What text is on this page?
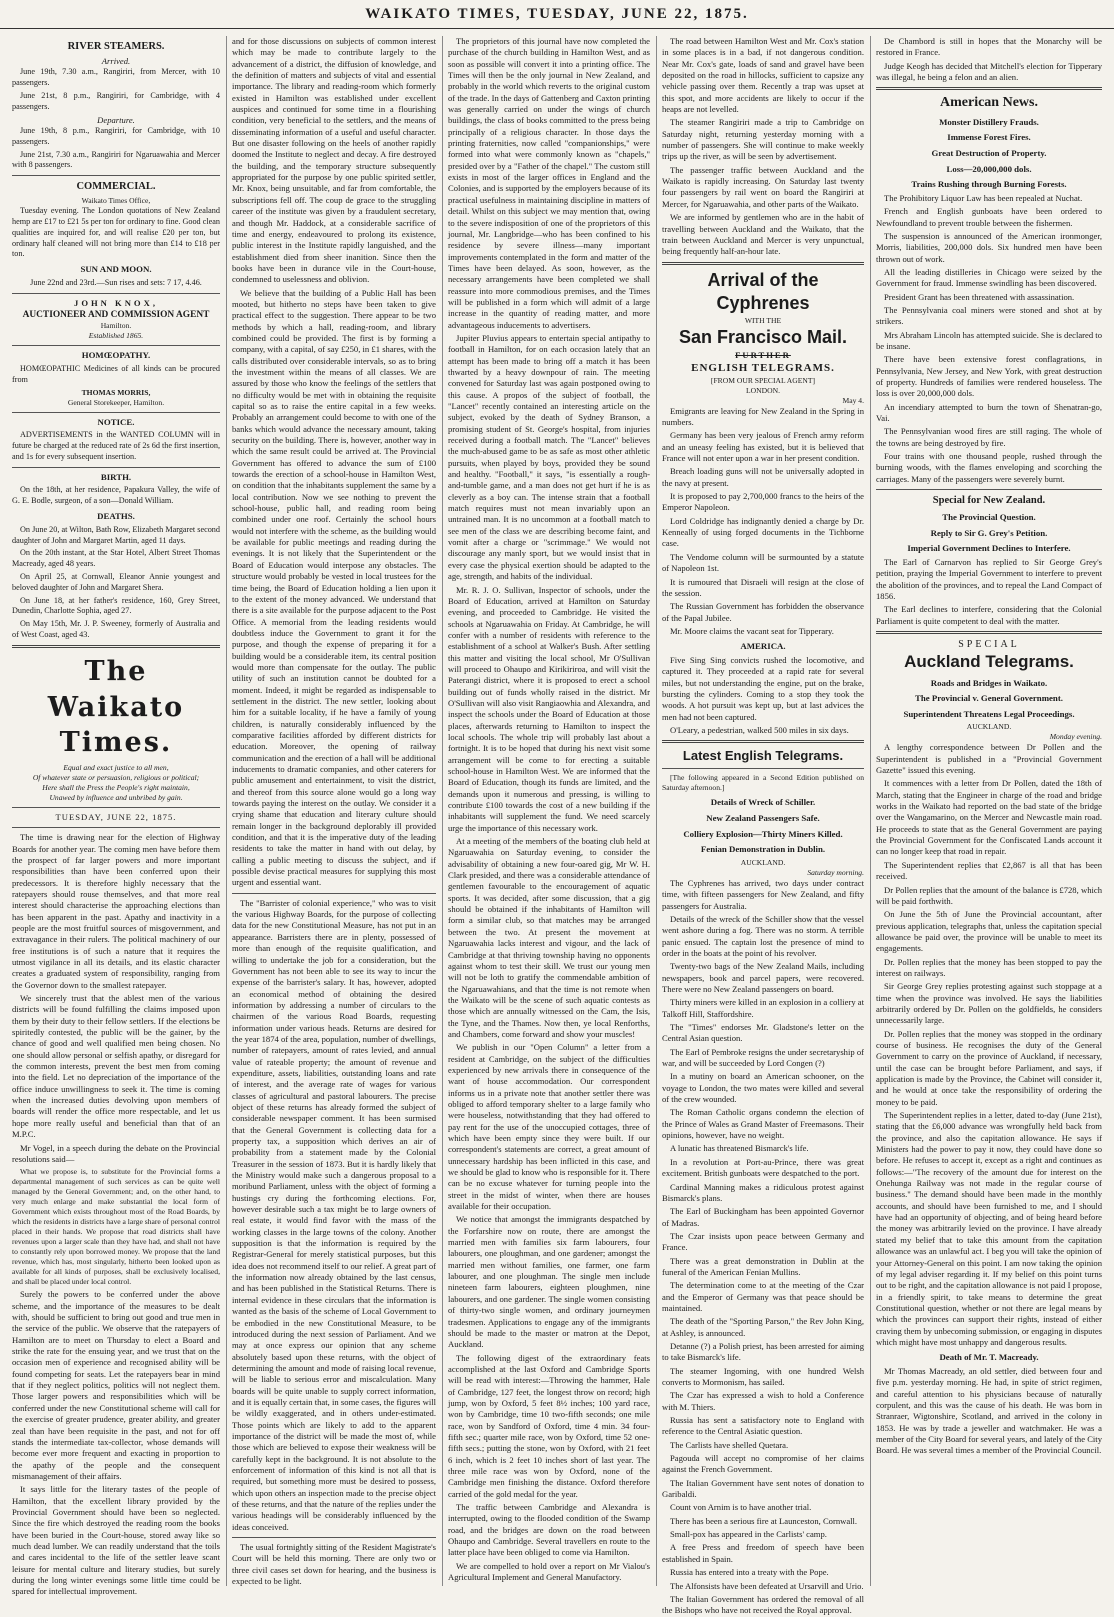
WAIKATO TIMES, TUESDAY, JUNE 22, 1875.
RIVER STEAMERS.
Arrived.

June 19th, 7.30 a.m., Rangiriri, from Mercer, with 10 passengers.

June 21st, 8 p.m., Rangiriri, for Cambridge, with 4 passengers.

Departure.

June 19th, 8 p.m., Rangiriri, for Cambridge, with 10 passengers.

June 21st, 7.30 a.m., Rangiriri for Ngaruawahia and Mercer with 8 passengers.

COMMERCIAL.
Waikato Times Office,

Tuesday evening. The London quotations of New Zealand hemp are £17 to £21 5s per ton for ordinary to fine. Good clean qualities are inquired for, and will realise £20 per ton, but ordinary half cleaned will not bring more than £14 to £18 per ton.

SUN AND MOON.

June 22nd and 23rd.—Sun rises and sets: 7 17, 4.46.

JOHN KNOX,
AUCTIONEER AND COMMISSION AGENT
Hamilton.
Established 1865.
HOMŒOPATHY.

HOMŒOPATHIC Medicines of all kinds can be procured from

THOMAS MORRIS,
General Storekeeper, Hamilton.
NOTICE.

ADVERTISEMENTS in the WANTED COLUMN will in future be charged at the reduced rate of 2s 6d the first insertion, and 1s for every subsequent insertion.

BIRTH.

On the 18th, at her residence, Papakura Valley, the wife of G. E. Bodle, surgeon, of a son—Donald William.

DEATHS.

On June 20, at Wilton, Bath Row, Elizabeth Margaret second daughter of John and Margaret Martin, aged 11 days.

On the 20th instant, at the Star Hotel, Albert Street Thomas Macready, aged 48 years.

On April 25, at Cornwall, Eleanor Annie youngest and beloved daughter of John and Margaret Shera.

On June 18, at her father's residence, 160, Grey Street, Dunedin, Charlotte Sophia, aged 27.

On May 15th, Mr. J. P. Sweeney, formerly of Australia and of West Coast, aged 43.

The Waikato Times.
Equal and exact justice to all men,
Of whatever state or persuasion, religious or political;
Here shall the Press the People's right maintain,
Unawed by influence and unbribed by gain.
TUESDAY, JUNE 22, 1875.

The time is drawing near for the election of Highway Boards for another year. The coming men have before them the prospect of far larger powers and more important responsibilities than have been conferred upon their predecessors. It is therefore highly necessary that the ratepayers should rouse themselves, and that more real interest should characterise the approaching elections than has been apparent in the past. Apathy and inactivity in a people are the most fruitful sources of misgovernment, and extravagance in their rulers. The political machinery of our free institutions is of such a nature that it requires the utmost vigilance in all its details, and its elastic character creates a graduated system of responsibility, ranging from the Governor down to the smallest ratepayer.

We sincerely trust that the ablest men of the various districts will be found fulfilling the claims imposed upon them by their duty to their fellow settlers. If the elections be spiritedly contested, the public will be the gainer, by the chance of good and well qualified men being chosen. No one should allow personal or selfish apathy, or disregard for the common interests, prevent the best men from coming into the field. Let no depreciation of the importance of the office induce unwillingness to seek it. The time is coming when the increased duties devolving upon members of boards will render the office more respectable, and let us hope more really useful and beneficial than that of an M.P.C.

Mr Vogel, in a speech during the debate on the Provincial resolutions said—

What we propose is, to substitute for the Provincial forms a departmental management of such services as can be quite well managed by the General Government; and, on the other hand, to very much enlarge and make substantial the local form of Government which exists throughout most of the Road Boards, by which the residents in districts have a large share of personal control placed in their hands. We propose that road districts shall have revenues upon a larger scale than they have had, and shall not have to constantly rely upon borrowed money. We propose that the land revenue, which has, most singularly, hitherto been looked upon as available for all kinds of purposes, shall be exclusively localised, and shall be placed under local control.

Surely the powers to be conferred under the above scheme, and the importance of the measures to be dealt with, should be sufficient to bring out good and true men in the service of the public. We observe that the ratepayers of Hamilton are to meet on Thursday to elect a Board and strike the rate for the ensuing year, and we trust that on the occasion men of experience and recognised ability will be found competing for seats. Let the ratepayers bear in mind that if they neglect politics, politics will not neglect them. Those larger powers and responsibilities which will be conferred under the new Constitutional scheme will call for the exercise of greater prudence, greater ability, and greater zeal than have been requisite in the past, and not for off stands the intermediate tax-collector, whose demands will become ever more frequent and exacting in proportion to the apathy of the people and the consequent mismanagement of their affairs.

It says little for the literary tastes of the people of Hamilton, that the excellent library provided by the Provincial Government should have been so neglected. Since the fire which destroyed the reading room the books have been buried in the Court-house, stored away like so much dead lumber. We can readily understand that the toils and cares incidental to the life of the settler leave scant leisure for mental culture and literary studies, but surely during the long winter evenings some little time could be spared for intellectual improvement.

and for those discussions on subjects of common interest which may be made to contribute largely to the advancement of a district, the diffusion of knowledge, and the definition of matters and subjects of vital and essential importance. The library and reading-room which formerly existed in Hamilton was established under excellent auspices and continued for some time in a flourishing condition, very beneficial to the settlers, and the means of disseminating information of a useful and useful character. But one disaster following on the heels of another rapidly doomed the Institute to neglect and decay. A fire destroyed the building, and the temporary structure subsequently appropriated for the purpose by one public spirited settler, Mr. Knox, being unsuitable, and far from comfortable, the subscriptions fell off. The coup de grace to the struggling career of the institute was given by a fraudulent secretary, and though Mr. Haddock, at a considerable sacrifice of time and energy, endeavoured to prolong its existence, public interest in the Institute rapidly languished, and the establishment died from sheer inanition. Since then the books have been in durance vile in the Court-house, condemned to uselessness and oblivion.

We believe that the building of a Public Hall has been mooted, but hitherto no steps have been taken to give practical effect to the suggestion. There appear to be two methods by which a hall, reading-room, and library combined could be provided. The first is by forming a company, with a capital, of say £250, in £1 shares, with the calls distributed over considerable intervals, so as to bring the investment within the means of all classes. We are assured by those who know the feelings of the settlers that no difficulty would be met with in obtaining the requisite capital so as to raise the entire capital in a few weeks. Probably an arrangement could become to with one of the banks which would advance the necessary amount, taking security on the building. There is, however, another way in which the same result could be arrived at. The Provincial Government has offered to advance the sum of £100 towards the erection of a school-house in Hamilton West, on condition that the inhabitants supplement the same by a local contribution. Now we see nothing to prevent the school-house, public hall, and reading room being combined under one roof. Certainly the school hours would not interfere with the scheme, as the building would be available for public meetings and reading during the evenings. It is not likely that the Superintendent or the Board of Education would interpose any obstacles. The structure would probably be vested in local trustees for the time being, the Board of Education holding a lien upon it to the extent of the money advanced. We understand that there is a site available for the purpose adjacent to the Post Office. A memorial from the leading residents would doubtless induce the Government to grant it for the purpose, and though the expense of preparing it for a building would be a considerable item, its central position would more than compensate for the outlay. The public utility of such an institution cannot be doubted for a moment. Indeed, it might be regarded as indispensable to settlement in the district. The new settler, looking about him for a suitable locality, if he have a family of young children, is naturally considerably influenced by the comparative facilities afforded by different districts for education. Moreover, the opening of railway communication and the erection of a hall will be additional inducements to dramatic companies, and other caterers for public amusement and entertainment, to visit the district, and thereof from this source alone would go a long way towards paying the interest on the outlay. We consider it a crying shame that education and literary culture should remain longer in the background deplorably ill provided condition, and that it is the imperative duty of the leading residents to take the matter in hand with out delay, by calling a public meeting to discuss the subject, and if possible devise practical measures for supplying this most urgent and essential want.

The "Barrister of colonial experience," who was to visit the various Highway Boards, for the purpose of collecting data for the new Constitutional Measure, has not put in an appearance. Barristers there are in plenty, possessed of more than enough of the requisite qualification, and willing to undertake the job for a consideration, but the Government has not been able to see its way to incur the expense of the barrister's salary. It has, however, adopted an economical method of obtaining the desired information by addressing a number of circulars to the chairmen of the various Road Boards, requesting information under various heads. Returns are desired for the year 1874 of the area, population, number of dwellings, number of ratepayers, amount of rates levied, and annual value of rateable property; the amount of revenue and expenditure, assets, liabilities, outstanding loans and rate of interest, and the average rate of wages for various classes of agricultural and pastoral labourers. The precise object of these returns has already formed the subject of considerable newspaper comment. It has been surmised that the General Government is collecting data for a property tax, a supposition which derives an air of probability from a statement made by the Colonial Treasurer in the session of 1873. But it is hardly likely that the Ministry would make such a dangerous proposal to a moribund Parliament, unless with the object of forming a hustings cry during the forthcoming elections. For, however desirable such a tax might be to large owners of real estate, it would find favor with the mass of the working classes in the large towns of the colony. Another supposition is that the information is required by the Registrar-General for merely statistical purposes, but this idea does not recommend itself to our relief. A great part of the information now already obtained by the last census, and has been published in the Statistical Returns. There is internal evidence in these circulars that the information is wanted as the basis of the scheme of Local Government to be embodied in the new Constitutional Measure, to be introduced during the next session of Parliament. And we may at once express our opinion that any scheme absolutely based upon these returns, with the object of determining the amount and mode of raising local revenue, will be liable to serious error and miscalculation. Many boards will be quite unable to supply correct information, and it is equally certain that, in some cases, the figures will be wildly exaggerated, and in others under-estimated. Those points which are likely to add to the apparent importance of the district will be made the most of, while those which are believed to expose their weakness will be carefully kept in the background. It is not absolute to the enforcement of information of this kind is not all that is required, but something more must be desired to possess, which upon others an inspection made to the precise object of these returns, and that the nature of the replies under the various headings will be considerably influenced by the ideas conceived.

The usual fortnightly sitting of the Resident Magistrate's Court will be held this morning. There are only two or three civil cases set down for hearing, and the business is expected to be light.

The proprietors of this journal have now completed the purchase of the church building in Hamilton West, and as soon as possible will convert it into a printing office. The Times will then be the only journal in New Zealand, and probably in the world which reverts to the original custom of the trade. In the days of Gattenberg and Caxton printing was generally carried on under the wings of church buildings, the class of books committed to the press being principally of a religious character. In those days the printing fraternities, now called "companionships," were formed into what were commonly known as "chapels," presided over by a "Father of the chapel." The custom still exists in most of the larger offices in England and the Colonies, and is supported by the employers because of its practical usefulness in maintaining discipline in matters of detail. Whilst on this subject we may mention that, owing to the severe indisposition of one of the proprietors of this journal, Mr. Langbridge—who has been confined to his residence by severe illness—many important improvements contemplated in the form and matter of the Times have been delayed. As soon, however, as the necessary arrangements have been completed we shall reassure into more commodious premises, and the Times will be published in a form which will admit of a large increase in the quantity of reading matter, and more advantageous inducements to advertisers.

Jupiter Pluvius appears to entertain special antipathy to football in Hamilton, for on each occasion lately that an attempt has been made to bring off a match it has been thwarted by a heavy downpour of rain. The meeting convened for Saturday last was again postponed owing to this cause. A propos of the subject of football, the "Lancet" recently contained an interesting article on the subject, evoked by the death of Sydney Branson, a promising student of St. George's hospital, from injuries received during a football match. The "Lancet" believes the much-abused game to be as safe as most other athletic pursuits, when played by boys, provided they be sound and healthy. "Football," it says, "is essentially a rough-and-tumble game, and a man does not get hurt if he is as cleverly as a boy can. The intense strain that a football match requires must not mean invariably upon an untrained man. It is no uncommon at a football match to see men of the class we are describing become faint, and vomit after a charge or "scrimmage." We would not discourage any manly sport, but we would insist that in every case the physical exertion should be adapted to the age, strength, and habits of the individual.

Mr. R. J. O. Sullivan, Inspector of schools, under the Board of Education, arrived at Hamilton on Saturday evening, and proceeded to Cambridge. He visited the schools at Ngaruawahia on Friday. At Cambridge, he will confer with a number of residents with reference to the establishment of a school at Walker's Bush. After settling this matter and visiting the local school, Mr O'Sullivan will proceed to Ohaupo and Kirikiriroa, and will visit the Paterangi district, where it is proposed to erect a school building out of funds wholly raised in the district. Mr O'Sullivan will also visit Rangiaowhia and Alexandra, and inspect the schools under the Board of Education at those places, afterwards returning to Hamilton to inspect the local schools. The whole trip will probably last about a fortnight. It is to be hoped that during his next visit some arrangement will be come to for erecting a suitable school-house in Hamilton West. We are informed that the Board of Education, though its funds are limited, and the demands upon it numerous and pressing, is willing to contribute £100 towards the cost of a new building if the inhabitants will supplement the fund. We need scarcely urge the importance of this necessary work.

At a meeting of the members of the boating club held at Ngaruawahia on Saturday evening, to consider the advisability of obtaining a new four-oared gig, Mr W. H. Clark presided, and there was a considerable attendance of gentlemen favourable to the encouragement of aquatic sports. It was decided, after some discussion, that a gig should be obtained if the inhabitants of Hamilton will form a similar club, so that matches may be arranged between the two. At present the movement at Ngaruawahia lacks interest and vigour, and the lack of Cambridge at that thriving township having no opponents against whom to test their skill. We trust our young men will not be loth to gratify the commendable ambition of the Ngaruawahians, and that the time is not remote when the Waikato will be the scene of such aquatic contests as those which are annually witnessed on the Cam, the Isis, the Tyne, and the Thames. Now then, ye local Renforths, and Chambers, come forward and show your muscles!

We publish in our "Open Column" a letter from a resident at Cambridge, on the subject of the difficulties experienced by new arrivals there in consequence of the want of house accommodation. Our correspondent informs us in a private note that another settler there was obliged to afford temporary shelter to a large family who were houseless, notwithstanding that they had offered to pay rent for the use of the unoccupied cottages, three of which have been empty since they were built. If our correspondent's statements are correct, a great amount of unnecessary hardship has been inflicted in this case, and we should be glad to know who is responsible for it. There can be no excuse whatever for turning people into the street in the midst of winter, when there are houses available for their occupation.

We notice that amongst the immigrants despatched by the Forfarshire now on route, there are amongst the married men with families six farm labourers, four labourers, one ploughman, and one gardener; amongst the married men without families, one farmer, one farm labourer, and one ploughman. The single men include nineteen farm labourers, eighteen ploughmen, nine labourers, and one gardener. The single women consisting of thirty-two single women, and ordinary journeymen tradesmen. Applications to engage any of the immigrants should be made to the master or matron at the Depot, Auckland.

The following digest of the extraordinary feats accomplished at the last Oxford and Cambridge Sports will be read with interest:—Throwing the hammer, Hale of Cambridge, 127 feet, the longest throw on record; high jump, won by Oxford, 5 feet 8½ inches; 100 yard race, won by Cambridge, time 10 two-fifth seconds; one mile race, won by Sandford of Oxford, time 4 min. 34 four-fifth sec.; quarter mile race, won by Oxford, time 52 one-fifth secs.; putting the stone, won by Oxford, with 21 feet 6 inch, which is 2 feet 10 inches short of last year. The three mile race was won by Oxford, none of the Cambridge men finishing the distance. Oxford therefore carried of the gold medal for the year.

The traffic between Cambridge and Alexandra is interrupted, owing to the flooded condition of the Swamp road, and the bridges are down on the road between Ohaupo and Cambridge. Several travellers en route to the latter place have been obliged to come via Hamilton.

We are compelled to hold over a report on Mr Vialou's Agricultural Implement and General Manufactory.

The road between Hamilton West and Mr. Cox's station in some places is in a bad, if not dangerous condition. Near Mr. Cox's gate, loads of sand and gravel have been deposited on the road in hillocks, sufficient to capsize any vehicle passing over them. Recently a trap was upset at this spot, and more accidents are likely to occur if the heaps are not levelled.

The steamer Rangiriri made a trip to Cambridge on Saturday night, returning yesterday morning with a number of passengers. She will continue to make weekly trips up the river, as will be seen by advertisement.

The passenger traffic between Auckland and the Waikato is rapidly increasing. On Saturday last twenty four passengers by rail went on board the Rangiriri at Mercer, for Ngaruawahia, and other parts of the Waikato.

We are informed by gentlemen who are in the habit of travelling between Auckland and the Waikato, that the train between Auckland and Mercer is very unpunctual, being frequently half-an-hour late.

Arrival of the Cyphrenes
WITH THE
San Francisco Mail.
FURTHER
ENGLISH TELEGRAMS.
[FROM OUR SPECIAL AGENT]
LONDON.
May 4.

Emigrants are leaving for New Zealand in the Spring in numbers.

Germany has been very jealous of French army reform and an uneasy feeling has existed, but it is believed that France will not enter upon a war in her present condition.

Breach loading guns will not be universally adopted in the navy at present.

It is proposed to pay 2,700,000 francs to the heirs of the Emperor Napoleon.

Lord Coldridge has indignantly denied a charge by Dr. Kenneally of using forged documents in the Tichborne case.

The Vendome column will be surmounted by a statute of Napoleon 1st.

It is rumoured that Disraeli will resign at the close of the session.

The Russian Government has forbidden the observance of the Papal Jubilee.

Mr. Moore claims the vacant seat for Tipperary.

AMERICA.

Five Sing Sing convicts rushed the locomotive, and captured it. They proceeded at a rapid rate for several miles, but not understanding the engine, put on the brake, bursting the cylinders. Coming to a stop they took the woods. A hot pursuit was kept up, but at last advices the men had not been captured.

O'Leary, a pedestrian, walked 500 miles in six days.

Latest English Telegrams.

[The following appeared in a Second Edition published on Saturday afternoon.]

Details of Wreck of Schiller.
New Zealand Passengers Safe.
Colliery Explosion—Thirty Miners Killed.
Fenian Demonstration in Dublin.
AUCKLAND.
Saturday morning.

The Cyphrenes has arrived, two days under contract time, with fifteen passengers for New Zealand, and fifty passengers for Australia.

Details of the wreck of the Schiller show that the vessel went ashore during a fog. There was no storm. A terrible panic ensued. The captain lost the presence of mind to order in the boats at the point of his revolver.

Twenty-two bags of the New Zealand Mails, including newspapers, book and parcel papers, were recovered. There were no New Zealand passengers on board.

Thirty miners were killed in an explosion in a colliery at Talkoff Hill, Staffordshire.

The "Times" endorses Mr. Gladstone's letter on the Central Asian question.

The Earl of Pembroke resigns the under secretaryship of war, and will be succeeded by Lord Congen (?)

In a mutiny on board an American schooner, on the voyage to London, the two mates were killed and several of the crew wounded.

The Roman Catholic organs condemn the election of the Prince of Wales as Grand Master of Freemasons. Their opinions, however, have no weight.

A lunatic has threatened Bismarck's life.

In a revolution at Port-au-Prince, there was great excitement. British gunboats were despatched to the port.

Cardinal Manning makes a ridiculous protest against Bismarck's plans.

The Earl of Buckingham has been appointed Governor of Madras.

The Czar insists upon peace between Germany and France.

There was a great demonstration in Dublin at the funeral of the American Fenian Mullins.

The determination come to at the meeting of the Czar and the Emperor of Germany was that peace should be maintained.

The death of the "Sporting Parson," the Rev John King, at Ashley, is announced.

Detanne (?) a Polish priest, has been arrested for aiming to take Bismarck's life.

The steamer Ingoming, with one hundred Welsh converts to Mormonism, has sailed.

The Czar has expressed a wish to hold a Conference with M. Thiers.

Russia has sent a satisfactory note to England with reference to the Central Asiatic question.

The Carlists have shelled Quetara.

Pagouda will accept no compromise of her claims against the French Government.

The Italian Government have sent notes of donation to Garibaldi.

Count von Arnim is to have another trial.

There has been a serious fire at Launceston, Cornwall.

Small-pox has appeared in the Carlists' camp.

A free Press and freedom of speech have been established in Spain.

Russia has entered into a treaty with the Pope.

The Alfonsists have been defeated at Ursarvill and Urio.

The Italian Government has ordered the removal of all the Bishops who have not received the Royal approval.

De Chambord is still in hopes that the Monarchy will be restored in France.

Judge Keogh has decided that Mitchell's election for Tipperary was illegal, he being a felon and an alien.

American News.
Monster Distillery Frauds.
Immense Forest Fires.
Great Destruction of Property.
Loss—20,000,000 dols.
Trains Rushing through Burning Forests.

The Prohibitory Liquor Law has been repealed at Nuchat.

French and English gunboats have been ordered to Newfoundland to prevent trouble between the fishermen.

The suspension is announced of the American ironmonger, Morris, liabilities, 200,000 dols. Six hundred men have been thrown out of work.

All the leading distilleries in Chicago were seized by the Government for fraud. Immense swindling has been discovered.

President Grant has been threatened with assassination.

The Pennsylvania coal miners were stoned and shot at by strikers.

Mrs Abraham Lincoln has attempted suicide. She is declared to be insane.

There have been extensive forest conflagrations, in Pennsylvania, New Jersey, and New York, with great destruction of property. Hundreds of families were rendered houseless. The loss is over 20,000,000 dols.

An incendiary attempted to burn the town of Shenatran-go, Vai.

The Pennsylvanian wood fires are still raging. The whole of the towns are being destroyed by fire.

Four trains with one thousand people, rushed through the burning woods, with the flames enveloping and scorching the carriages. Many of the passengers were severely burnt.

Special for New Zealand.
The Provincial Question.
Reply to Sir G. Grey's Petition.
Imperial Government Declines to Interfere.

The Earl of Carnarvon has replied to Sir George Grey's petition, praying the Imperial Government to interfere to prevent the abolition of the provinces, and to repeal the Land Compact of 1856.

The Earl declines to interfere, considering that the Colonial Parliament is quite competent to deal with the matter.

SPECIAL
Auckland Telegrams.
Roads and Bridges in Waikato.
The Provincial v. General Government.
Superintendent Threatens Legal Proceedings.
AUCKLAND.
Monday evening.

A lengthy correspondence between Dr Pollen and the Superintendent is published in a "Provincial Government Gazette" issued this evening.

It commences with a letter from Dr Pollen, dated the 18th of March, stating that the Engineer in charge of the road and bridge works in the Waikato had reported on the bad state of the bridge over the Wangamarino, on the Mercer and Newcastle main road. He proceeds to state that as the General Government are paying the Provincial Government for the Confiscated Lands account it can no longer keep that road in repair.

The Superintendent replies that £2,867 is all that has been received.

Dr Pollen replies that the amount of the balance is £728, which will be paid forthwith.

On June the 5th of June the Provincial accountant, after previous application, telegraphs that, unless the capitation special allowance be paid over, the province will be unable to meet its engagements.

Dr. Pollen replies that the money has been stopped to pay the interest on railways.

Sir George Grey replies protesting against such stoppage at a time when the province was involved. He says the liabilities arbitrarily ordered by Dr. Pollen on the goldfields, he considers unnecessarily large.

Dr. Pollen replies that the money was stopped in the ordinary course of business. He recognises the duty of the General Government to carry on the province of Auckland, if necessary, until the case can be brought before Parliament, and says, if application is made by the Province, the Cabinet will consider it, and he would at once take the responsibility of ordering the money to be paid.

The Superintendent replies in a letter, dated to-day (June 21st), stating that the £6,000 advance was wrongfully held back from the province, and also the capitation allowance. He says if Ministers had the power to pay it now, they could have done so before. He refuses to accept it, except as a right and continues as follows:—"The recovery of the amount due for interest on the Onehunga Railway was not made in the regular course of business." The demand should have been made in the monthly accounts, and should have been furnished to me, and I should have had an opportunity of objecting, and of being heard before the money was arbitrarily levied on the province. I have already stated my belief that to take this amount from the capitation allowance was an unlawful act. I beg you will take the opinion of your Attorney-General on this point. I am now taking the opinion of my legal adviser regarding it. If my belief on this point turns out to be right, and the capitation allowance is not paid I propose, in a friendly spirit, to take means to determine the great Constitutional question, whether or not there are legal means by which the provinces can support their rights, instead of either craving them by unbecoming submission, or engaging in disputes which might have most unhappy and dangerous results.

Death of Mr. T. Macready.

Mr Thomas Macready, an old settler, died between four and five p.m. yesterday morning. He had, in spite of strict regimen, and careful attention to his physicians because of naturally corpulent, and this was the cause of his death. He was born in Stranraer, Wigtonshire, Scotland, and arrived in the colony in 1853. He was by trade a jeweller and watchmaker. He was a member of the City Board for several years, and lately of the City Board. He was several times a member of the Provincial Council.
